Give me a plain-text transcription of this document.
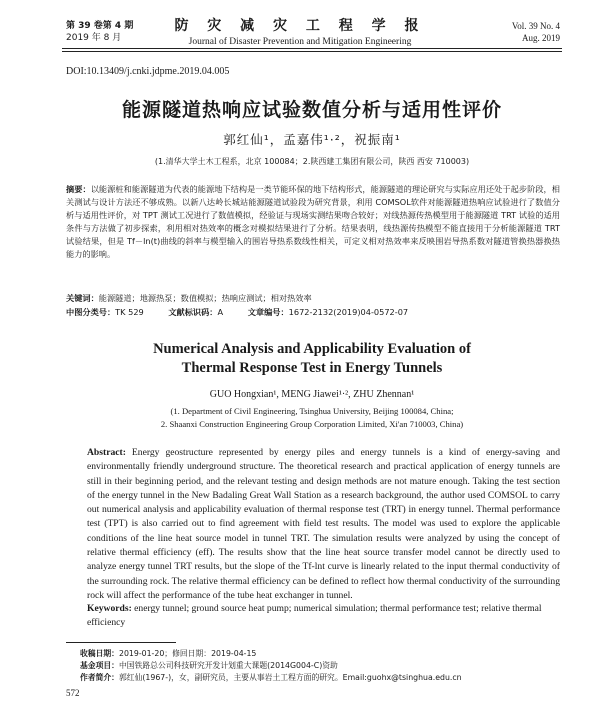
第 39 卷第 4 期
2019 年 8 月
防 灾 减 灾 工 程 学 报
Journal of Disaster Prevention and Mitigation Engineering
Vol. 39 No. 4
Aug. 2019
DOI:10.13409/j.cnki.jdpme.2019.04.005
能源隧道热响应试验数值分析与适用性评价
郭红仙¹，孟嘉伟¹·²，祝振南¹
(1.清华大学土木工程系，北京 100084；2.陕西建工集团有限公司，陕西 西安 710003)
摘要：以能源桩和能源隧道为代表的能源地下结构是一类节能环保的地下结构形式，能源隧道的理论研究与实际应用还处于起步阶段，相关测试与设计方法还不够成熟。以新八达岭长城站能源隧道试验段为研究背景，利用 COMSOL软件对能源隧道热响应试验进行了数值分析与适用性评价，对 TPT 测试工况进行了数值模拟，经验证与现场实测结果吻合较好；对线热源传热模型用于能源隧道 TRT 试验的适用条件与方法做了初步探索，利用相对热效率的概念对模拟结果进行了分析。结果表明，线热源传热模型不能直接用于分析能源隧道 TRT 试验结果，但是 Tf－ln(t)曲线的斜率与模型输入的围岩导热系数线性相关，可定义相对热效率来反映围岩导热系数对隧道管换热器换热能力的影响。
关键词：能源隧道；地源热泵；数值模拟；热响应测试；相对热效率
中图分类号：TK 529	文献标识码：A	文章编号：1672-2132(2019)04-0572-07
Numerical Analysis and Applicability Evaluation of
Thermal Response Test in Energy Tunnels
GUO Hongxian¹, MENG Jiawei¹·², ZHU Zhennan¹
(1. Department of Civil Engineering, Tsinghua University, Beijing 100084, China;
2. Shaanxi Construction Engineering Group Corporation Limited, Xi'an 710003, China)
Abstract: Energy geostructure represented by energy piles and energy tunnels is a kind of energy-saving and environmentally friendly underground structure. The theoretical research and practical application of energy tunnels are still in their beginning period, and the relevant testing and design methods are not mature enough. Taking the test section of the energy tunnel in the New Badaling Great Wall Station as a research background, the author used COMSOL to carry out numerical analysis and applicability evaluation of thermal response test (TRT) in energy tunnel. Thermal performance test (TPT) is also carried out to find agreement with field test results. The model was used to explore the applicable conditions of the line heat source model in tunnel TRT. The simulation results were analyzed by using the concept of relative thermal efficiency (eff). The results show that the line heat source transfer model cannot be directly used to analyze energy tunnel TRT results, but the slope of the Tf-lnt curve is linearly related to the input thermal conductivity of the surrounding rock. The relative thermal efficiency can be defined to reflect how thermal conductivity of the surrounding rock will affect the performance of the tube heat exchanger in tunnel.
Keywords: energy tunnel; ground source heat pump; numerical simulation; thermal performance test; relative thermal efficiency
收稿日期：2019-01-20；修回日期：2019-04-15
基金项目：中国铁路总公司科技研究开发计划重大课题(2014G004-C)资助
作者简介：郭红仙(1967-)，女，副研究员，主要从事岩土工程方面的研究。Email:guohx@tsinghua.edu.cn
572
